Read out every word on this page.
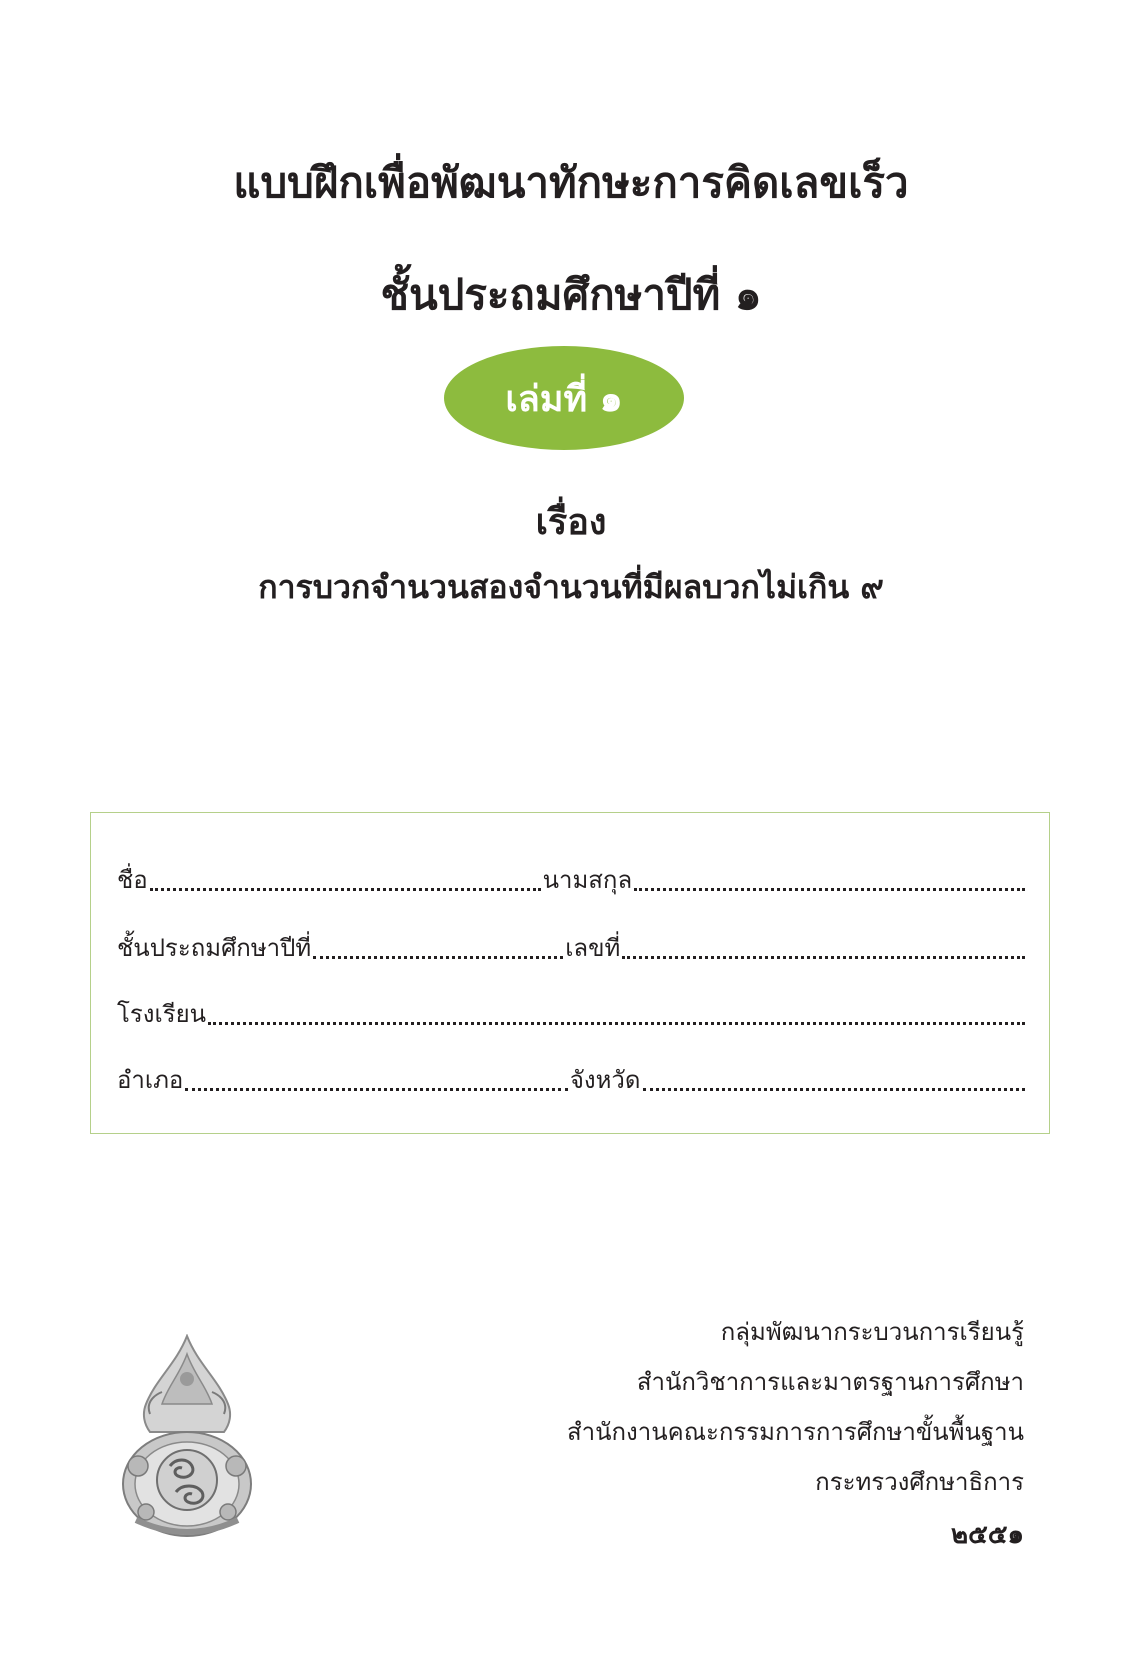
แบบฝึกเพื่อพัฒนาทักษะการคิดเลขเร็ว
ชั้นประถมศึกษาปีที่ ๑
เล่มที่ ๑
เรื่อง
การบวกจำนวนสองจำนวนที่มีผลบวกไม่เกิน ๙
ชื่อ	นามสกุล
ชั้นประถมศึกษาปีที่	เลขที่
โรงเรียน
อำเภอ	จังหวัด
กลุ่มพัฒนากระบวนการเรียนรู้
สำนักวิชาการและมาตรฐานการศึกษา
สำนักงานคณะกรรมการการศึกษาขั้นพื้นฐาน
กระทรวงศึกษาธิการ
๒๕๕๑
